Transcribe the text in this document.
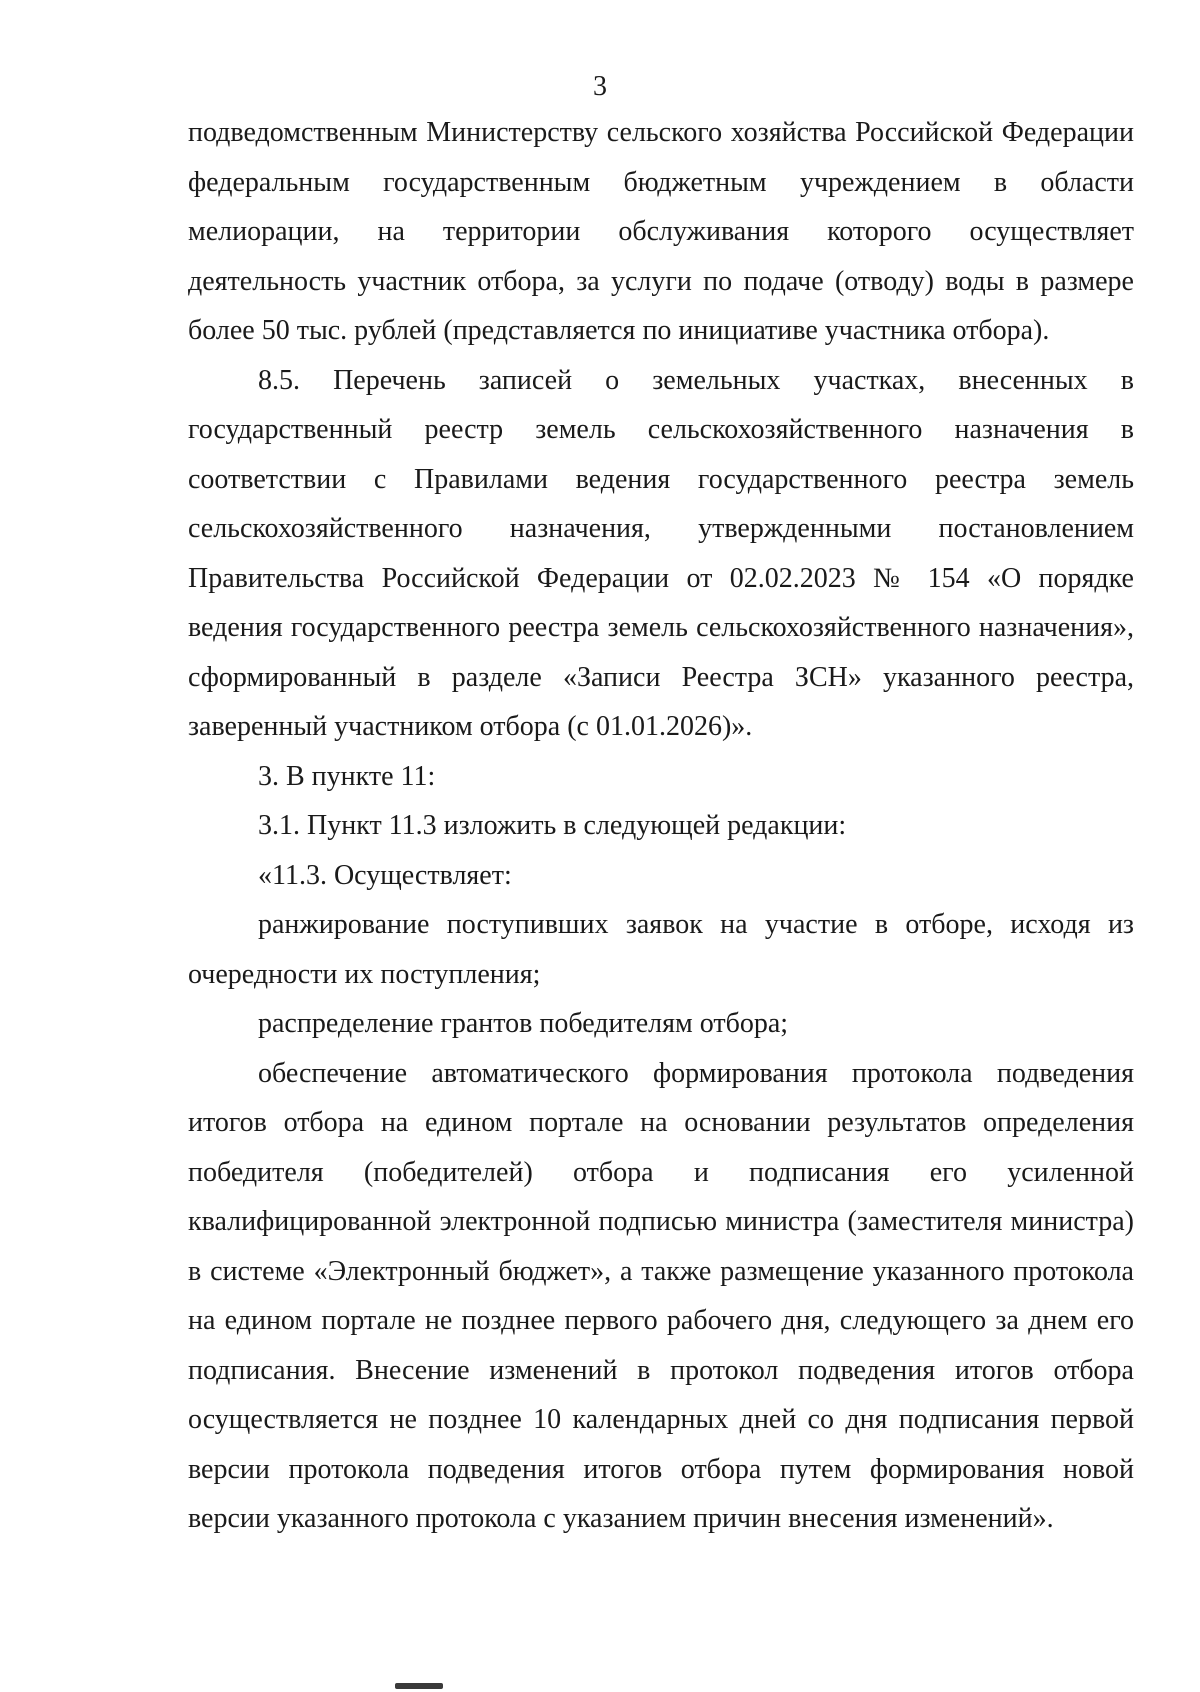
3

подведомственным Министерству сельского хозяйства Российской Федерации федеральным государственным бюджетным учреждением в области мелиорации, на территории обслуживания которого осуществляет деятельность участник отбора, за услуги по подаче (отводу) воды в размере более 50 тыс. рублей (представляется по инициативе участника отбора).

8.5. Перечень записей о земельных участках, внесенных в государственный реестр земель сельскохозяйственного назначения в соответствии с Правилами ведения государственного реестра земель сельскохозяйственного назначения, утвержденными постановлением Правительства Российской Федерации от 02.02.2023 № 154 «О порядке ведения государственного реестра земель сельскохозяйственного назначения», сформированный в разделе «Записи Реестра ЗСН» указанного реестра, заверенный участником отбора (с 01.01.2026)».

3. В пункте 11:

3.1. Пункт 11.3 изложить в следующей редакции:

«11.3. Осуществляет:

ранжирование поступивших заявок на участие в отборе, исходя из очередности их поступления;

распределение грантов победителям отбора;

обеспечение автоматического формирования протокола подведения итогов отбора на едином портале на основании результатов определения победителя (победителей) отбора и подписания его усиленной квалифицированной электронной подписью министра (заместителя министра) в системе «Электронный бюджет», а также размещение указанного протокола на едином портале не позднее первого рабочего дня, следующего за днем его подписания. Внесение изменений в протокол подведения итогов отбора осуществляется не позднее 10 календарных дней со дня подписания первой версии протокола подведения итогов отбора путем формирования новой версии указанного протокола с указанием причин внесения изменений».
